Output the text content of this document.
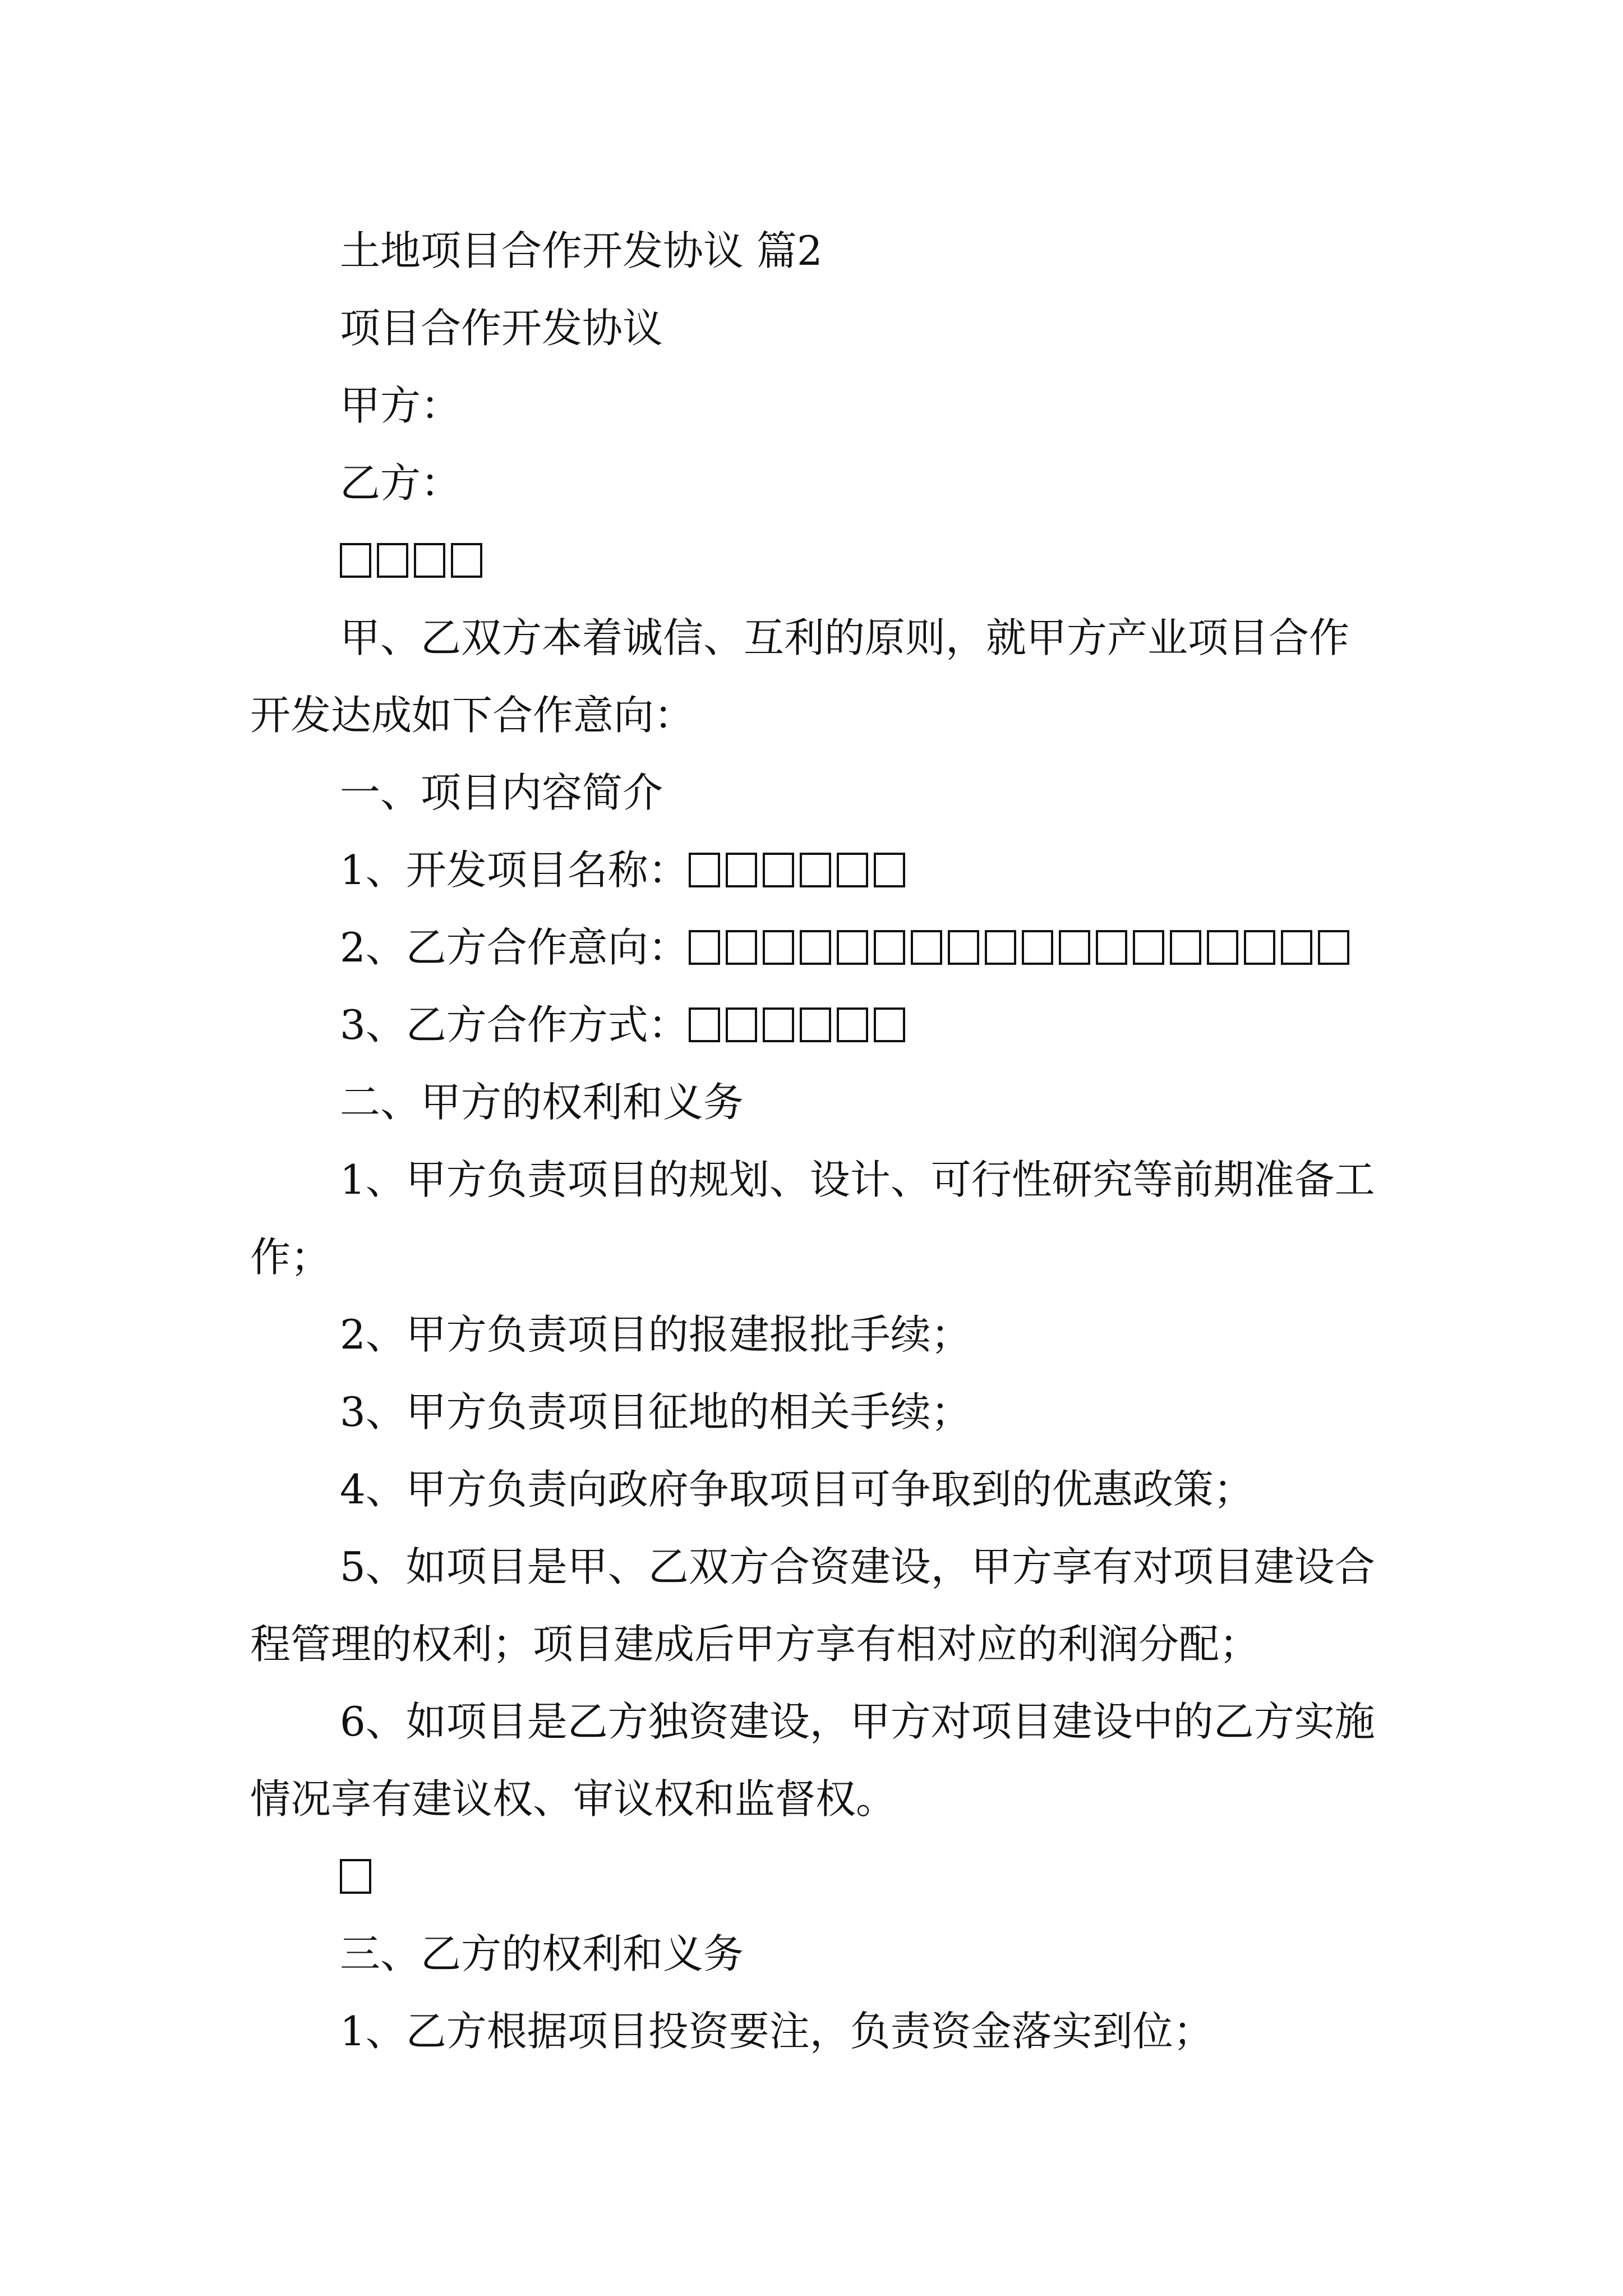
土地项目合作开发协议 篇2

项目合作开发协议

甲方：

乙方：

甲、乙双方本着诚信、互利的原则，就甲方产业项目合作开发达成如下合作意向：

一、项目内容简介

1、开发项目名称：

2、乙方合作意向：

3、乙方合作方式：

二、甲方的权利和义务

1、甲方负责项目的规划、设计、可行性研究等前期准备工作；

2、甲方负责项目的报建报批手续；

3、甲方负责项目征地的相关手续；

4、甲方负责向政府争取项目可争取到的优惠政策；

5、如项目是甲、乙双方合资建设，甲方享有对项目建设合程管理的权利；项目建成后甲方享有相对应的利润分配；

6、如项目是乙方独资建设，甲方对项目建设中的乙方实施情况享有建议权、审议权和监督权。

三、乙方的权利和义务

1、乙方根据项目投资要注，负责资金落实到位；
